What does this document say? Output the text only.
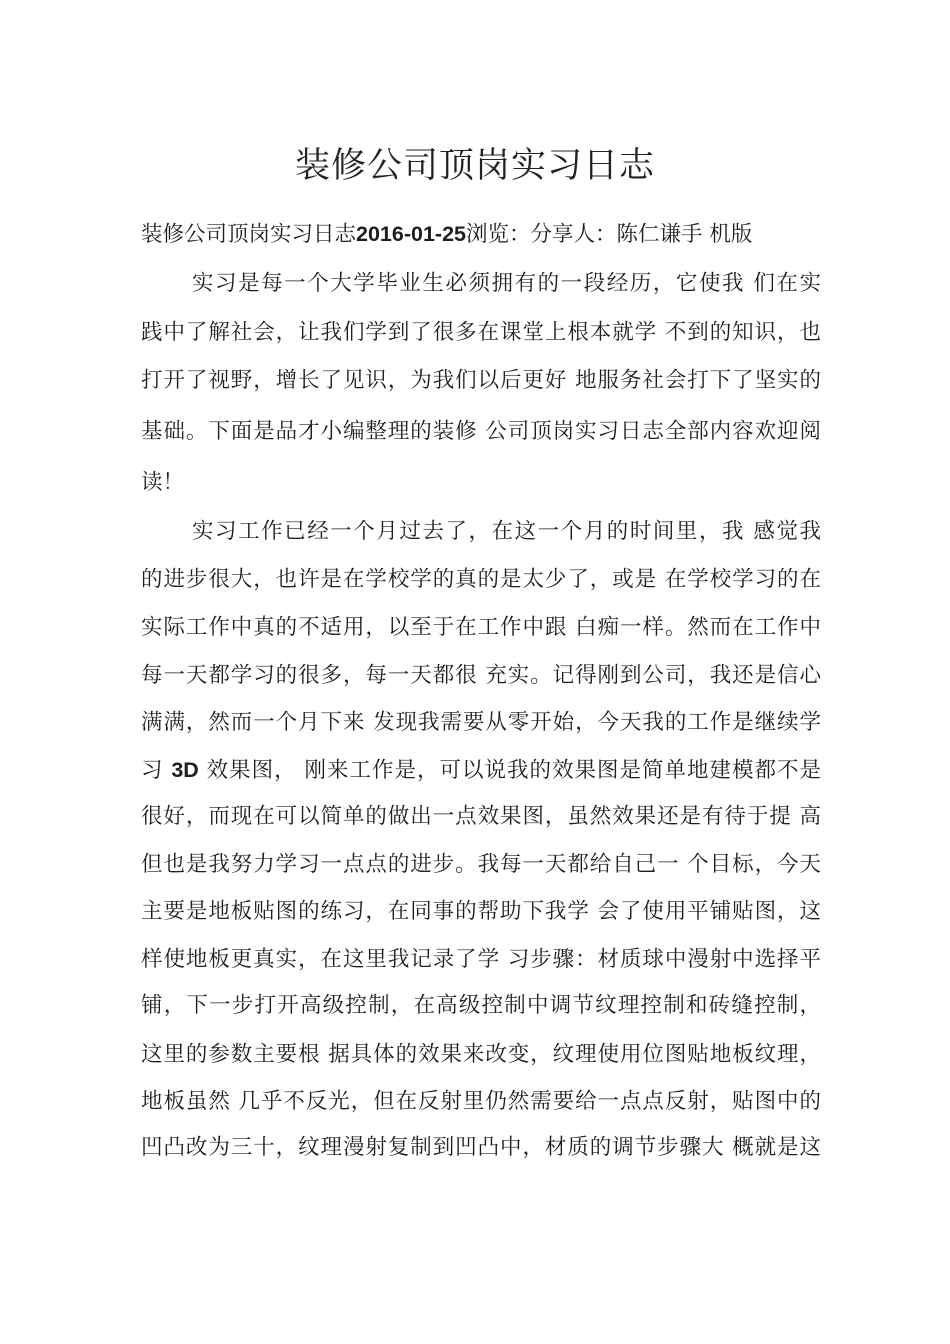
装修公司顶岗实习日志
装修公司顶岗实习日志2016-01-25浏览：分享人：陈仁谦手 机版
实习是每一个大学毕业生必须拥有的一段经历，它使我 们在实
践中了解社会，让我们学到了很多在课堂上根本就学 不到的知识，也
打开了视野，增长了见识，为我们以后更好 地服务社会打下了坚实的
基础。下面是品才小编整理的装修 公司顶岗实习日志全部内容欢迎阅
读！
实习工作已经一个月过去了，在这一个月的时间里，我 感觉我
的进步很大，也许是在学校学的真的是太少了，或是 在学校学习的在
实际工作中真的不适用，以至于在工作中跟 白痴一样。然而在工作中
每一天都学习的很多，每一天都很 充实。记得刚到公司，我还是信心
满满，然而一个月下来 发现我需要从零开始，今天我的工作是继续学
习 3D 效果图， 刚来工作是，可以说我的效果图是简单地建模都不是
很好，而现在可以简单的做出一点效果图，虽然效果还是有待于提 高
但也是我努力学习一点点的进步。我每一天都给自己一 个目标，今天
主要是地板贴图的练习，在同事的帮助下我学 会了使用平铺贴图，这
样使地板更真实，在这里我记录了学 习步骤：材质球中漫射中选择平
铺，下一步打开高级控制，在高级控制中调节纹理控制和砖缝控制，
这里的参数主要根 据具体的效果来改变，纹理使用位图贴地板纹理，
地板虽然 几乎不反光，但在反射里仍然需要给一点点反射，贴图中的
凹凸改为三十，纹理漫射复制到凹凸中，材质的调节步骤大 概就是这
